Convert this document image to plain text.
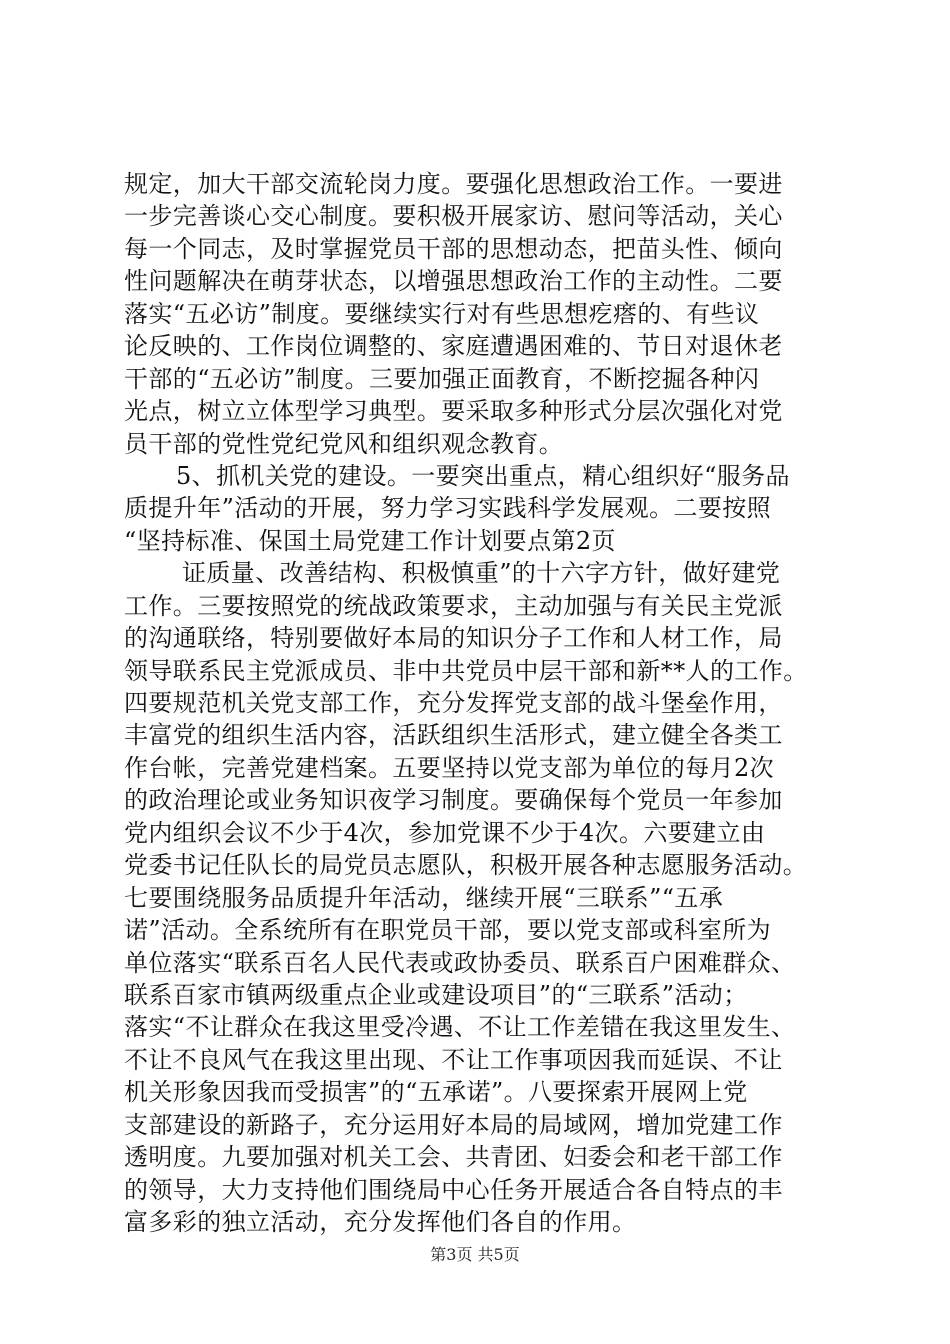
规定，加大干部交流轮岗力度。要强化思想政治工作。一要进
一步完善谈心交心制度。要积极开展家访、慰问等活动，关心
每一个同志，及时掌握党员干部的思想动态，把苗头性、倾向
性问题解决在萌芽状态，以增强思想政治工作的主动性。二要
落实“五必访”制度。要继续实行对有些思想疙瘩的、有些议
论反映的、工作岗位调整的、家庭遭遇困难的、节日对退休老
干部的“五必访”制度。三要加强正面教育，不断挖掘各种闪
光点，树立立体型学习典型。要采取多种形式分层次强化对党
员干部的党性党纪党风和组织观念教育。
5、抓机关党的建设。一要突出重点，精心组织好“服务品
质提升年”活动的开展，努力学习实践科学发展观。二要按照
“坚持标准、保国土局党建工作计划要点第2页
证质量、改善结构、积极慎重”的十六字方针，做好建党
工作。三要按照党的统战政策要求，主动加强与有关民主党派
的沟通联络，特别要做好本局的知识分子工作和人材工作，局
领导联系民主党派成员、非中共党员中层干部和新**人的工作。
四要规范机关党支部工作，充分发挥党支部的战斗堡垒作用，
丰富党的组织生活内容，活跃组织生活形式，建立健全各类工
作台帐，完善党建档案。五要坚持以党支部为单位的每月2次
的政治理论或业务知识夜学习制度。要确保每个党员一年参加
党内组织会议不少于4次，参加党课不少于4次。六要建立由
党委书记任队长的局党员志愿队，积极开展各种志愿服务活动。
七要围绕服务品质提升年活动，继续开展“三联系”“五承
诺”活动。全系统所有在职党员干部，要以党支部或科室所为
单位落实“联系百名人民代表或政协委员、联系百户困难群众、
联系百家市镇两级重点企业或建设项目”的“三联系”活动；
落实“不让群众在我这里受冷遇、不让工作差错在我这里发生、
不让不良风气在我这里出现、不让工作事项因我而延误、不让
机关形象因我而受损害”的“五承诺”。八要探索开展网上党
支部建设的新路子，充分运用好本局的局域网，增加党建工作
透明度。九要加强对机关工会、共青团、妇委会和老干部工作
的领导，大力支持他们围绕局中心任务开展适合各自特点的丰
富多彩的独立活动，充分发挥他们各自的作用。
第3页 共5页
